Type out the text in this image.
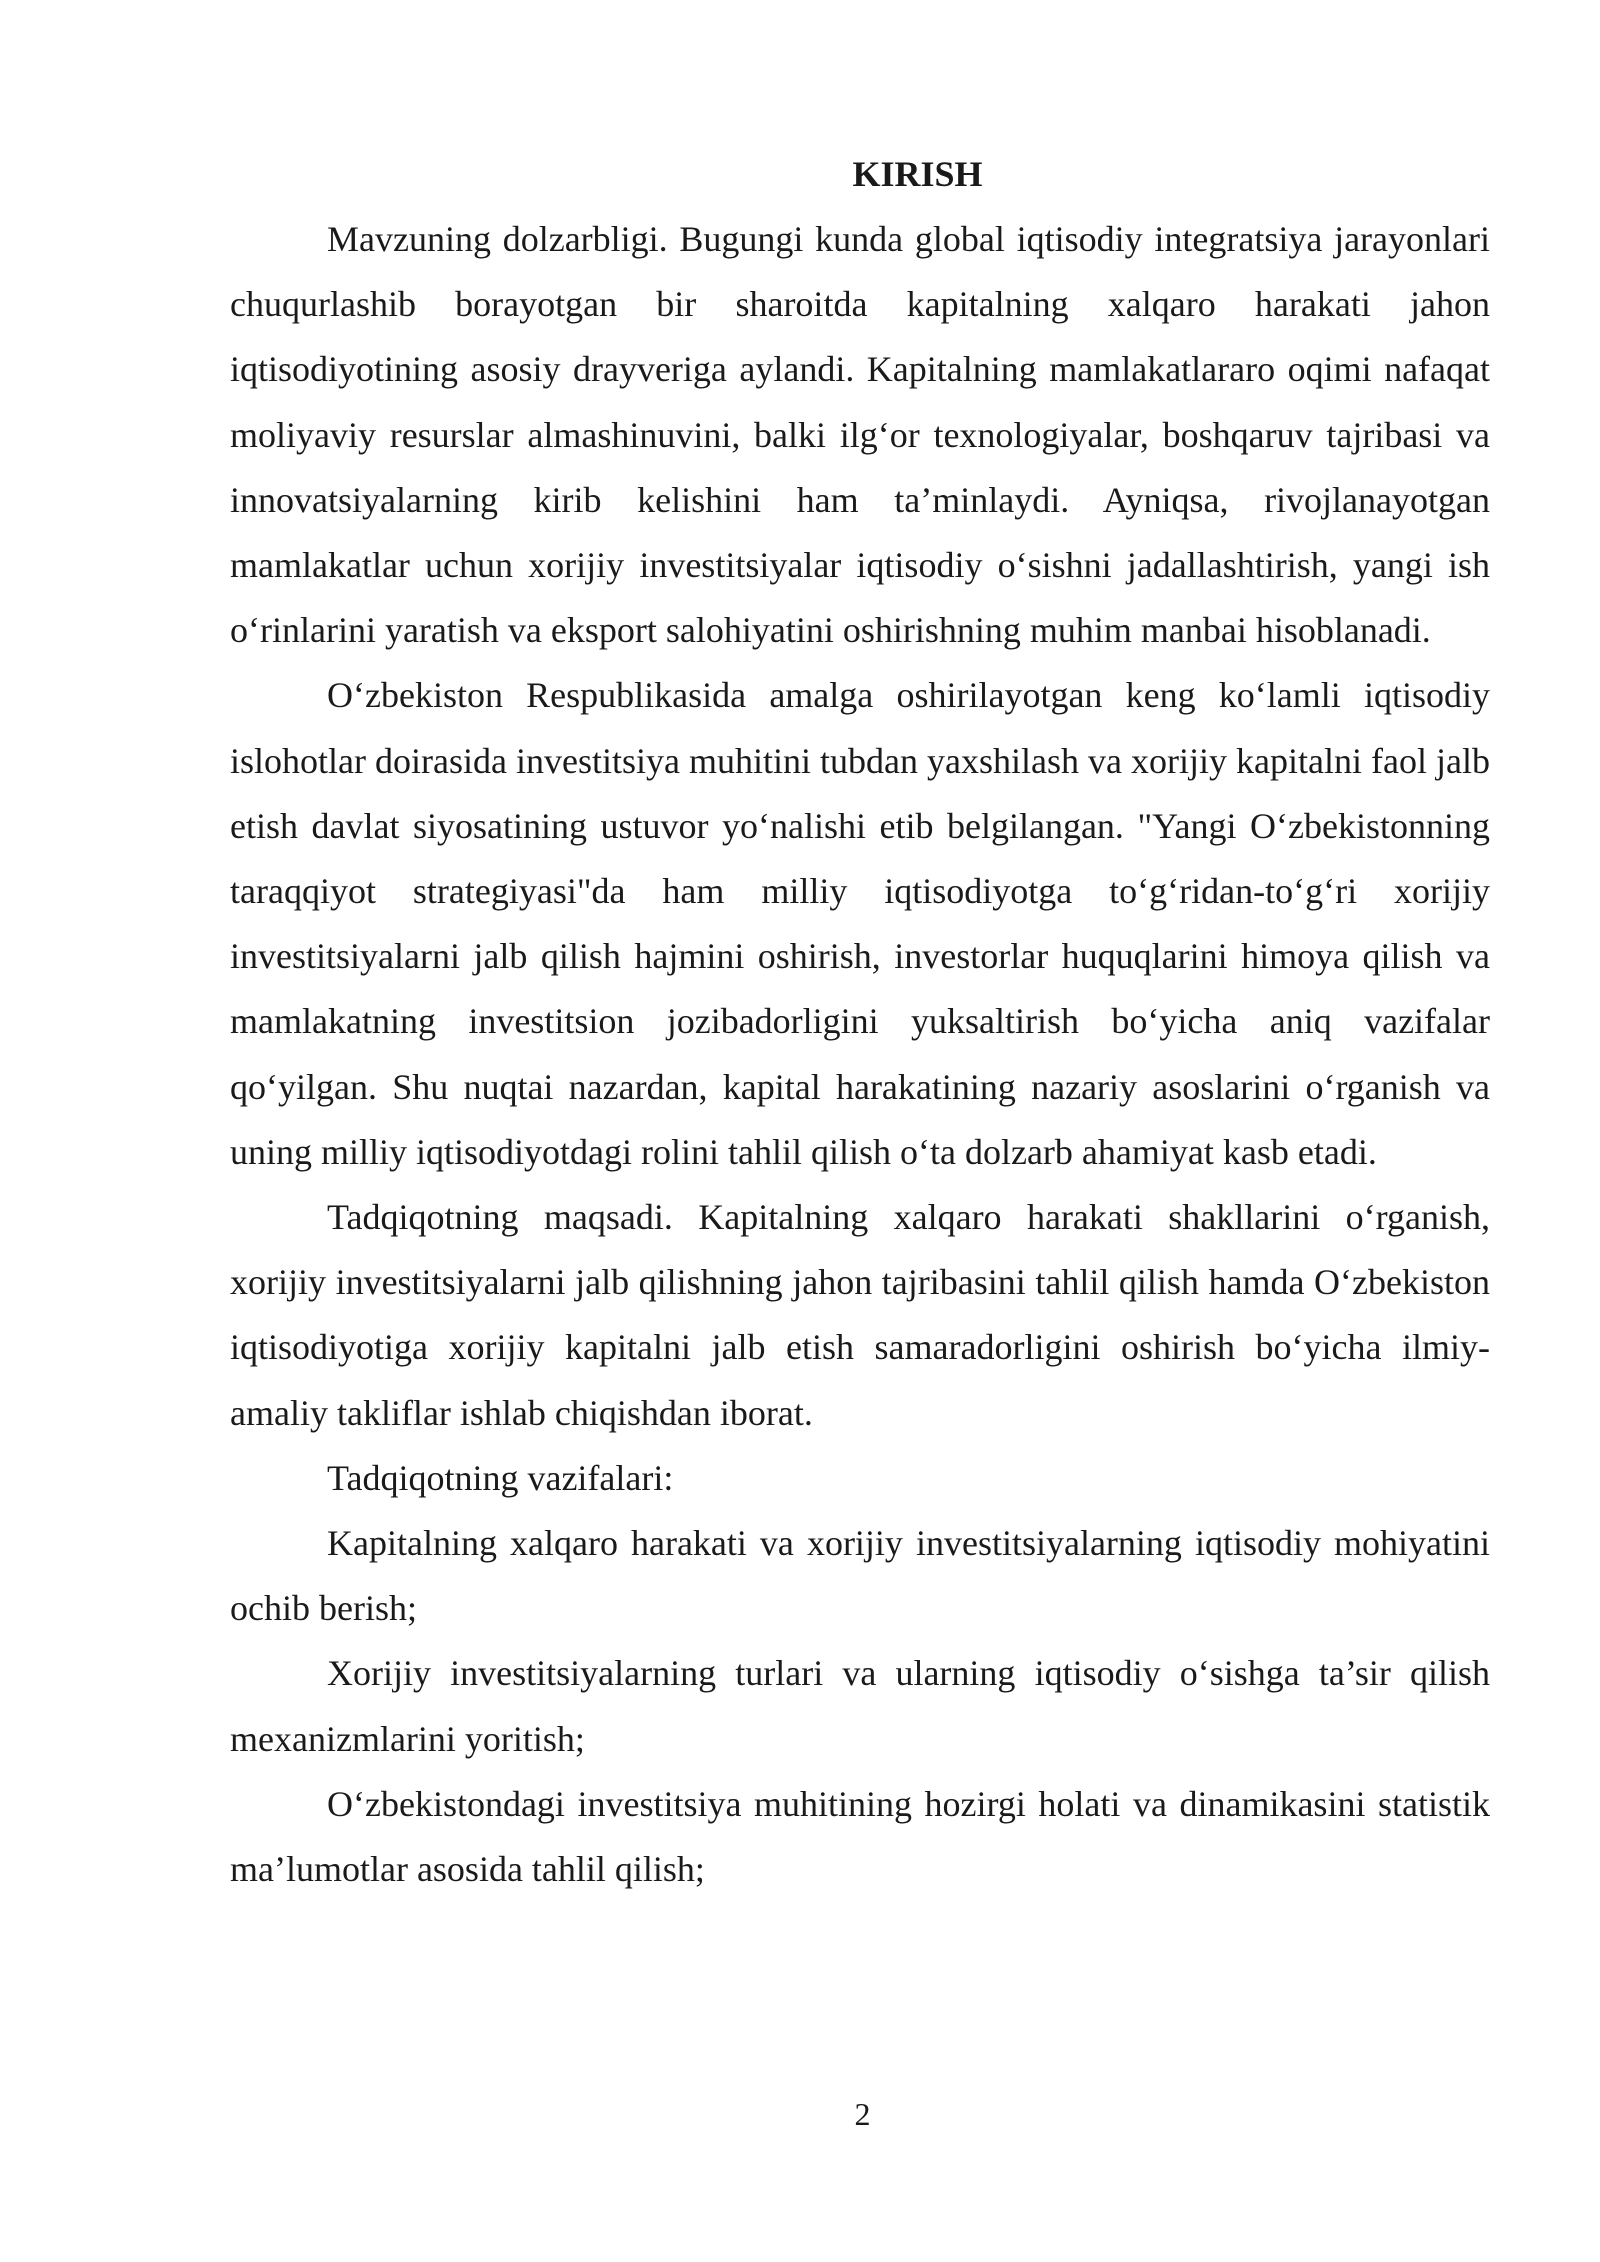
KIRISH

Mavzuning dolzarbligi. Bugungi kunda global iqtisodiy integratsiya jarayonlari chuqurlashib borayotgan bir sharoitda kapitalning xalqaro harakati jahon iqtisodiyotining asosiy drayveriga aylandi. Kapitalning mamlakatlararo oqimi nafaqat moliyaviy resurslar almashinuvini, balki ilg‘or texnologiyalar, boshqaruv tajribasi va innovatsiyalarning kirib kelishini ham ta’minlaydi. Ayniqsa, rivojlanayotgan mamlakatlar uchun xorijiy investitsiyalar iqtisodiy o‘sishni jadallashtirish, yangi ish o‘rinlarini yaratish va eksport salohiyatini oshirishning muhim manbai hisoblanadi.

O‘zbekiston Respublikasida amalga oshirilayotgan keng ko‘lamli iqtisodiy islohotlar doirasida investitsiya muhitini tubdan yaxshilash va xorijiy kapitalni faol jalb etish davlat siyosatining ustuvor yo‘nalishi etib belgilangan. "Yangi O‘zbekistonning taraqqiyot strategiyasi"da ham milliy iqtisodiyotga to‘g‘ridan-to‘g‘ri xorijiy investitsiyalarni jalb qilish hajmini oshirish, investorlar huquqlarini himoya qilish va mamlakatning investitsion jozibadorligini yuksaltirish bo‘yicha aniq vazifalar qo‘yilgan. Shu nuqtai nazardan, kapital harakatining nazariy asoslarini o‘rganish va uning milliy iqtisodiyotdagi rolini tahlil qilish o‘ta dolzarb ahamiyat kasb etadi.

Tadqiqotning maqsadi. Kapitalning xalqaro harakati shakllarini o‘rganish, xorijiy investitsiyalarni jalb qilishning jahon tajribasini tahlil qilish hamda O‘zbekiston iqtisodiyotiga xorijiy kapitalni jalb etish samaradorligini oshirish bo‘yicha ilmiy-amaliy takliflar ishlab chiqishdan iborat.

Tadqiqotning vazifalari:

Kapitalning xalqaro harakati va xorijiy investitsiyalarning iqtisodiy mohiyatini ochib berish;

Xorijiy investitsiyalarning turlari va ularning iqtisodiy o‘sishga ta’sir qilish mexanizmlarini yoritish;

O‘zbekistondagi investitsiya muhitining hozirgi holati va dinamikasini statistik ma’lumotlar asosida tahlil qilish;

2
